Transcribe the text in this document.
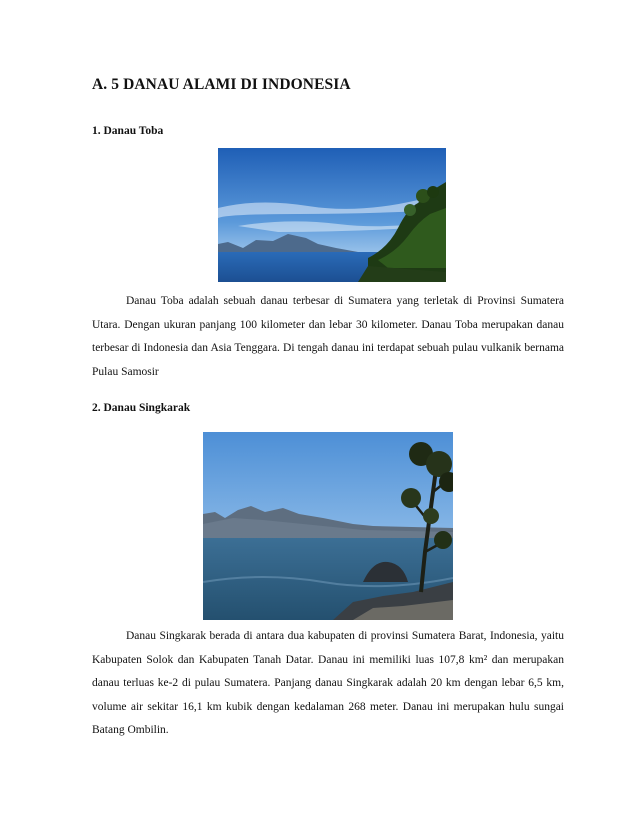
A. 5 DANAU ALAMI DI INDONESIA
1. Danau Toba

Danau Toba adalah sebuah danau terbesar di Sumatera yang terletak di Provinsi Sumatera Utara. Dengan ukuran panjang 100 kilometer dan lebar 30 kilometer. Danau Toba merupakan danau terbesar di Indonesia dan Asia Tenggara. Di tengah danau ini terdapat sebuah pulau vulkanik bernama Pulau Samosir

2. Danau Singkarak

Danau Singkarak berada di antara dua kabupaten di provinsi Sumatera Barat, Indonesia, yaitu Kabupaten Solok dan Kabupaten Tanah Datar. Danau ini memiliki luas 107,8 km² dan merupakan danau terluas ke-2 di pulau Sumatera. Panjang danau Singkarak adalah 20 km dengan lebar 6,5 km, volume air sekitar 16,1 km kubik dengan kedalaman 268 meter. Danau ini merupakan hulu sungai Batang Ombilin.
